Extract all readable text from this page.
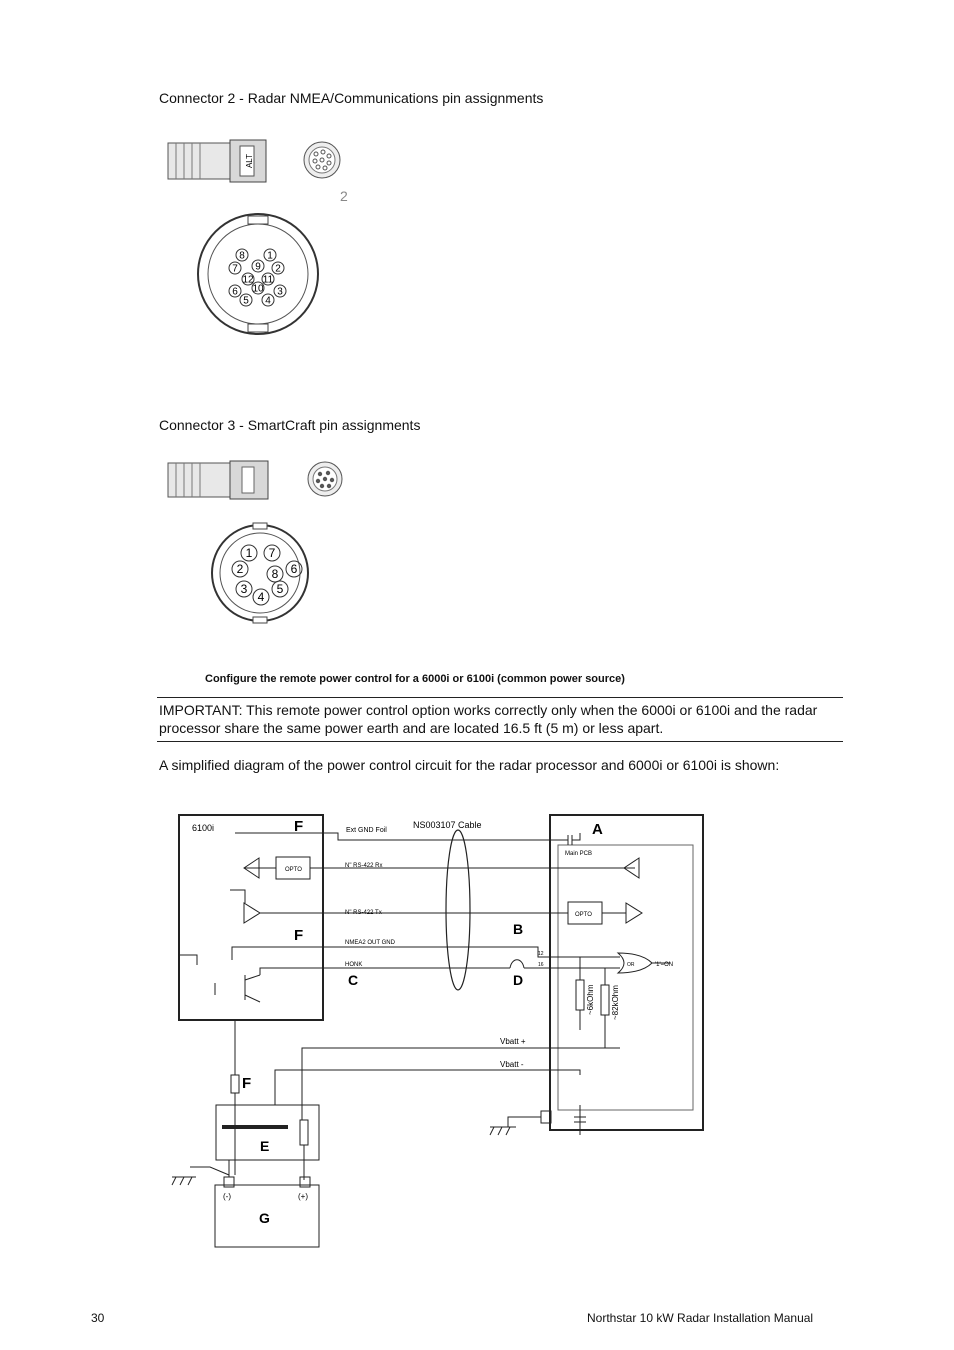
Connector 2 - Radar NMEA/Communications pin assignments
ALT
2
8 1
7 9 2
12 11
6 10 3
5 4
Connector 3 - SmartCraft pin assignments
1 7
2 8 6
3 5
4
Configure the remote power control for a 6000i or 6100i (common power source)
IMPORTANT: This remote power control option works correctly only when the 6000i or 6100i and the radar processor share the same power earth and are located 16.5 ft (5 m) or less apart.
A simplified diagram of the power control circuit for the radar processor and 6000i or 6100i is shown:
6100i	F	Ext GND Foil
NS003107 Cable	A
Main PCB
OPTO
N" RS-422 Rx
N" RS-422 Tx	OPTO
F	NMEA2 OUT GND
B
HONK
12
16	OR	'1'=ON
C	D
~6kOhm ~82kOhm
Vbatt +
Vbatt -
F
E
(-)	(+)
G
30	Northstar 10 kW Radar Installation Manual
